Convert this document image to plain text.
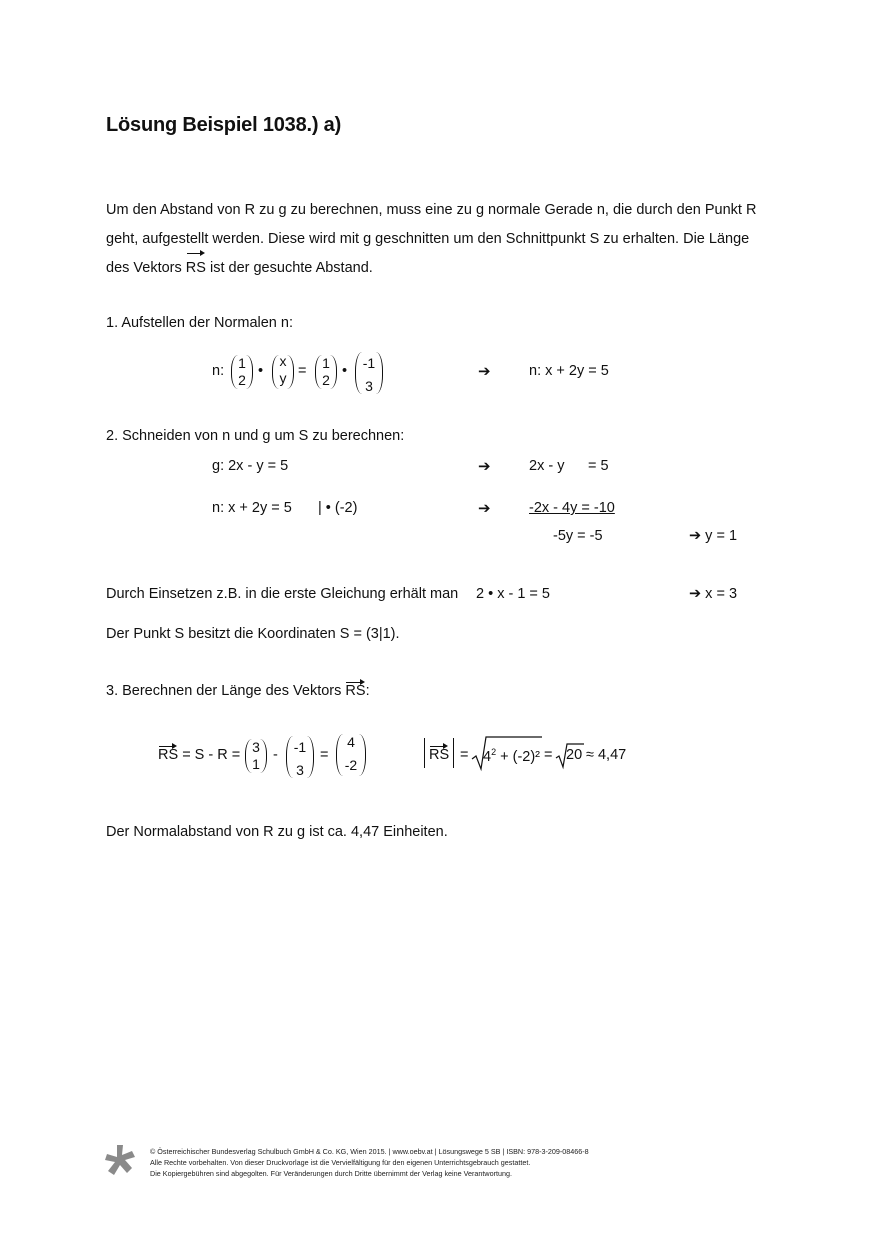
Lösung Beispiel 1038.) a)
Um den Abstand von R zu g zu berechnen, muss eine zu g normale Gerade n, die durch den Punkt R
geht, aufgestellt werden. Diese wird mit g geschnitten um den Schnittpunkt S zu erhalten. Die Länge
des Vektors RS ist der gesuchte Abstand.
1. Aufstellen der Normalen n:
n:	1
2
•
x
y =	1
2
•	-1
3
➔	n: x + 2y = 5
2. Schneiden von n und g um S zu berechnen:
g: 2x - y = 5	➔	2x - y = 5
n: x + 2y = 5 | • (-2)	➔	-2x - 4y = -10
-5y = -5	➔ y = 1
Durch Einsetzen z.B. in die erste Gleichung erhält man 2 • x - 1 = 5	➔ x = 3
Der Punkt S besitzt die Koordinaten S = (3|1).
3. Berechnen der Länge des Vektors RS:
RS = S - R = 3
1
-	-1
3
=
4
-2
RS = $4^2 + (-2)^2 = 20 \approx 4,47$
Der Normalabstand von R zu g ist ca. 4,47 Einheiten.
© Österreichischer Bundesverlag Schulbuch GmbH & Co. KG, Wien 2015. | www.oebv.at | Lösungswege 5 SB | ISBN: 978-3-209-08466-8
Alle Rechte vorbehalten. Von dieser Druckvorlage ist die Vervielfältigung für den eigenen Unterrichtsgebrauch gestattet.
Die Kopiergebühren sind abgegolten. Für Veränderungen durch Dritte übernimmt der Verlag keine Verantwortung.
